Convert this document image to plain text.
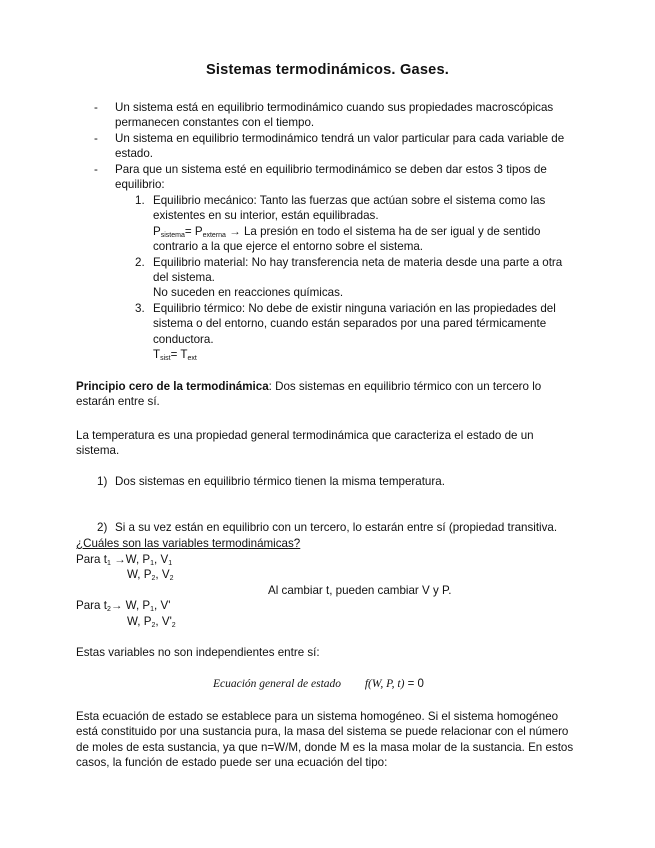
Sistemas termodinámicos. Gases.
- Un sistema está en equilibrio termodinámico cuando sus propiedades macroscópicas permanecen constantes con el tiempo.
- Un sistema en equilibrio termodinámico tendrá un valor particular para cada variable de estado.
- Para que un sistema esté en equilibrio termodinámico se deben dar estos 3 tipos de equilibrio:
1. Equilibrio mecánico: Tanto las fuerzas que actúan sobre el sistema como las existentes en su interior, están equilibradas.
$P_{sistema}= P_{externa} \to La$ presión en todo el sistema ha de ser igual y de sentido contrario a la que ejerce el entorno sobre el sistema.
2. Equilibrio material: No hay transferencia neta de materia desde una parte a otra del sistema.
No suceden en reacciones químicas.
3. Equilibrio térmico: No debe de existir ninguna variación en las propiedades del sistema o del entorno, cuando están separados por una pared térmicamente conductora.
$T_{sist}= T_{ext}$

Principio cero de la termodinámica: Dos sistemas en equilibrio térmico con un tercero lo estarán entre sí.

La temperatura es una propiedad general termodinámica que caracteriza el estado de un sistema.

1) Dos sistemas en equilibrio térmico tienen la misma temperatura.
2) Si a su vez están en equilibrio con un tercero, lo estarán entre sí (propiedad transitiva.
¿Cuáles son las variables termodinámicas?
Para $t_1 \to W$, $P_1$, $V_1$
W, $P_2$, $V_2$
Al cambiar t, pueden cambiar V y P.
Para $t_2\to W$, $P_1$, V'
W, $P_2$, $V'_2$

Estas variables no son independientes entre sí:

Ecuación general de estado f(W, P, t) = 0

Esta ecuación de estado se establece para un sistema homogéneo. Si el sistema homogéneo está constituido por una sustancia pura, la masa del sistema se puede relacionar con el número de moles de esta sustancia, ya que n=W/M, donde M es la masa molar de la sustancia. En estos casos, la función de estado puede ser una ecuación del tipo:
